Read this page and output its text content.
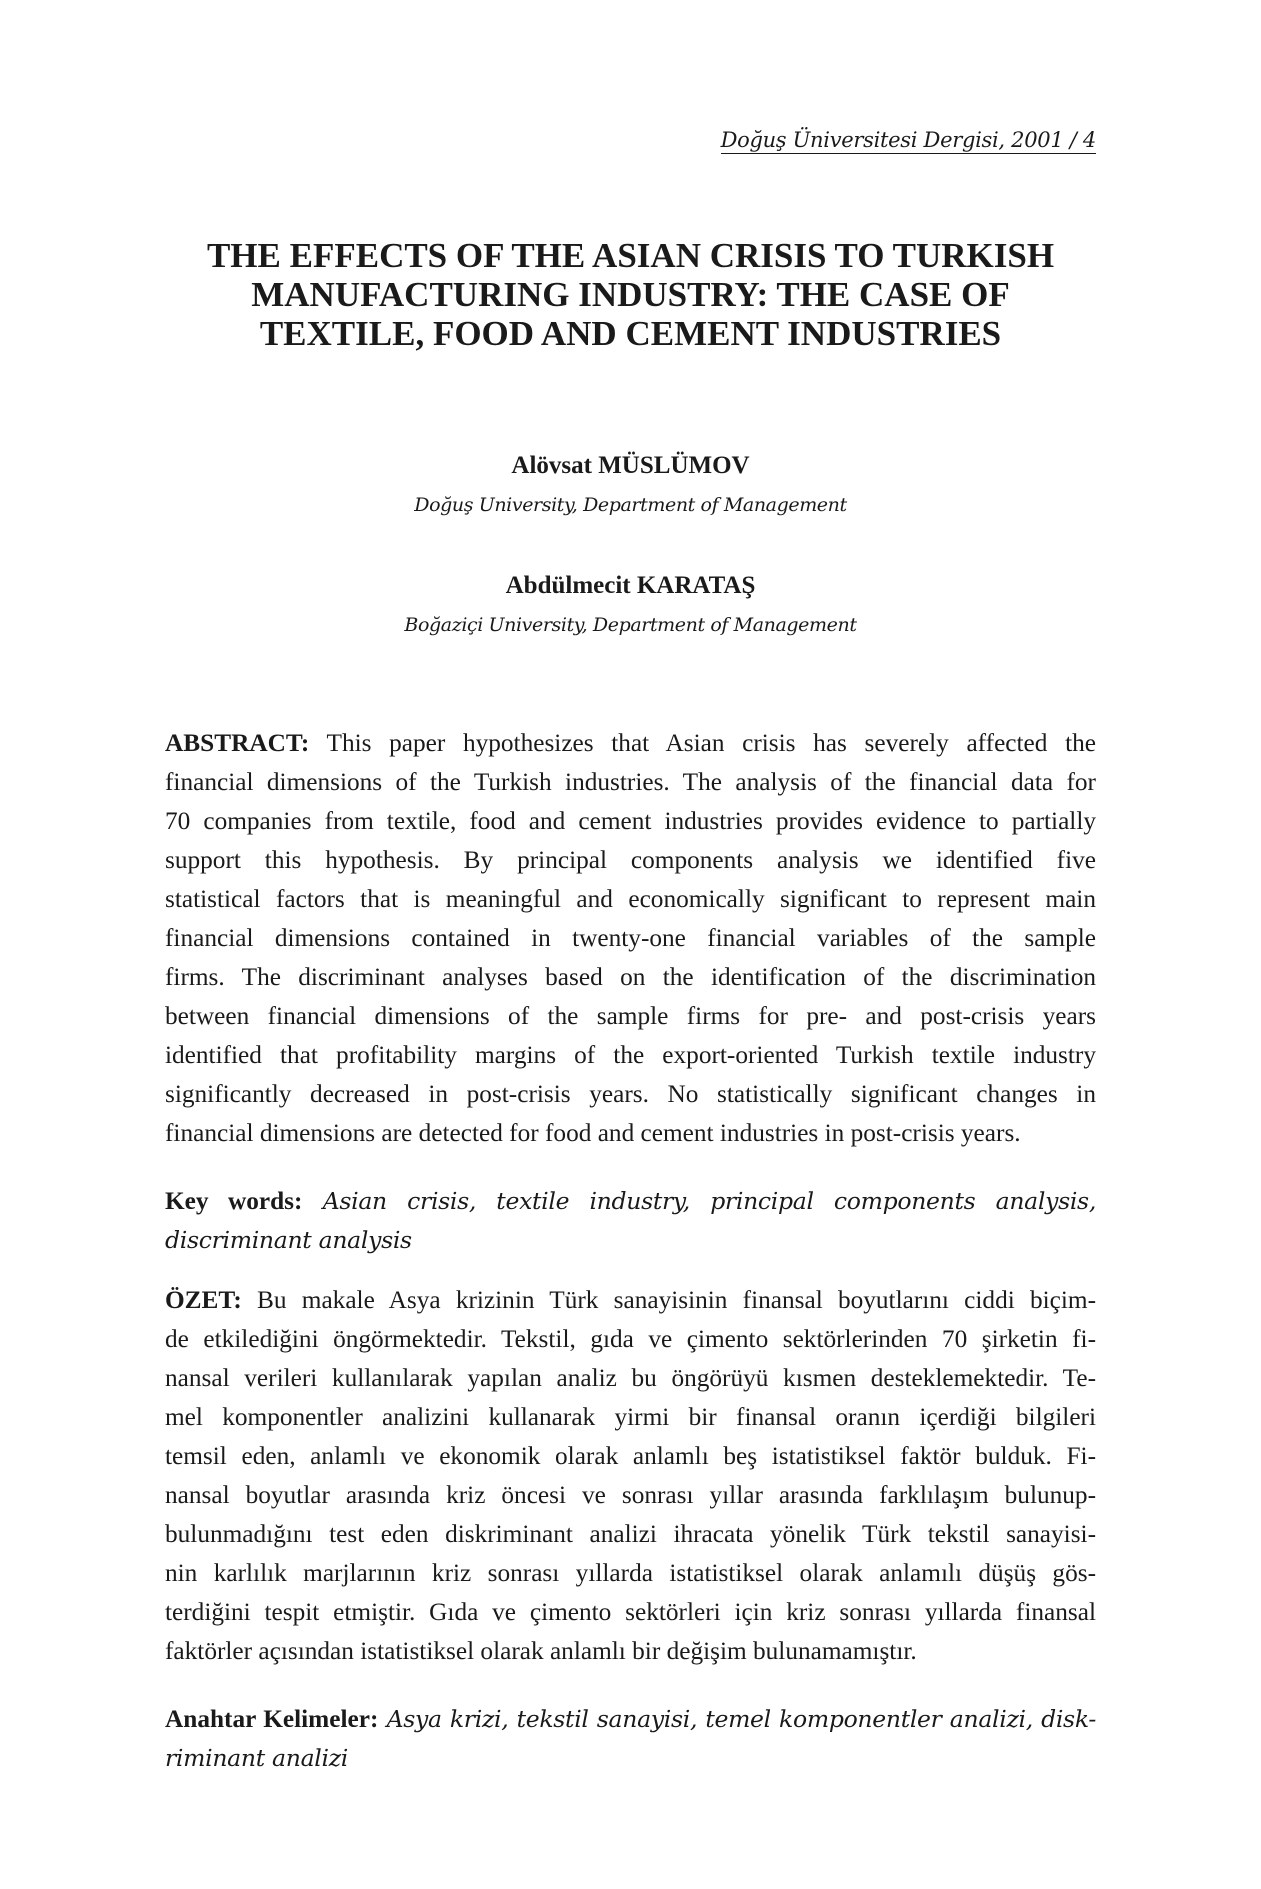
Doğuş Üniversitesi Dergisi, 2001 / 4
THE EFFECTS OF THE ASIAN CRISIS TO TURKISH
MANUFACTURING INDUSTRY: THE CASE OF
TEXTILE, FOOD AND CEMENT INDUSTRIES
Alövsat MÜSLÜMOV
Doğuş University, Department of Management
Abdülmecit KARATAŞ
Boğaziçi University, Department of Management
ABSTRACT: This paper hypothesizes that Asian crisis has severely affected the
financial dimensions of the Turkish industries. The analysis of the financial data for
70 companies from textile, food and cement industries provides evidence to partially
support this hypothesis. By principal components analysis we identified five
statistical factors that is meaningful and economically significant to represent main
financial dimensions contained in twenty-one financial variables of the sample
firms. The discriminant analyses based on the identification of the discrimination
between financial dimensions of the sample firms for pre- and post-crisis years
identified that profitability margins of the export-oriented Turkish textile industry
significantly decreased in post-crisis years. No statistically significant changes in
financial dimensions are detected for food and cement industries in post-crisis years.
Key words: Asian crisis, textile industry, principal components analysis,
discriminant analysis
ÖZET: Bu makale Asya krizinin Türk sanayisinin finansal boyutlarını ciddi biçim-
de etkilediğini öngörmektedir. Tekstil, gıda ve çimento sektörlerinden 70 şirketin fi-
nansal verileri kullanılarak yapılan analiz bu öngörüyü kısmen desteklemektedir. Te-
mel komponentler analizini kullanarak yirmi bir finansal oranın içerdiği bilgileri
temsil eden, anlamlı ve ekonomik olarak anlamlı beş istatistiksel faktör bulduk. Fi-
nansal boyutlar arasında kriz öncesi ve sonrası yıllar arasında farklılaşım bulunup-
bulunmadığını test eden diskriminant analizi ihracata yönelik Türk tekstil sanayisi-
nin karlılık marjlarının kriz sonrası yıllarda istatistiksel olarak anlamılı düşüş gös-
terdiğini tespit etmiştir. Gıda ve çimento sektörleri için kriz sonrası yıllarda finansal
faktörler açısından istatistiksel olarak anlamlı bir değişim bulunamamıştır.
Anahtar Kelimeler: Asya krizi, tekstil sanayisi, temel komponentler analizi, disk-
riminant analizi
